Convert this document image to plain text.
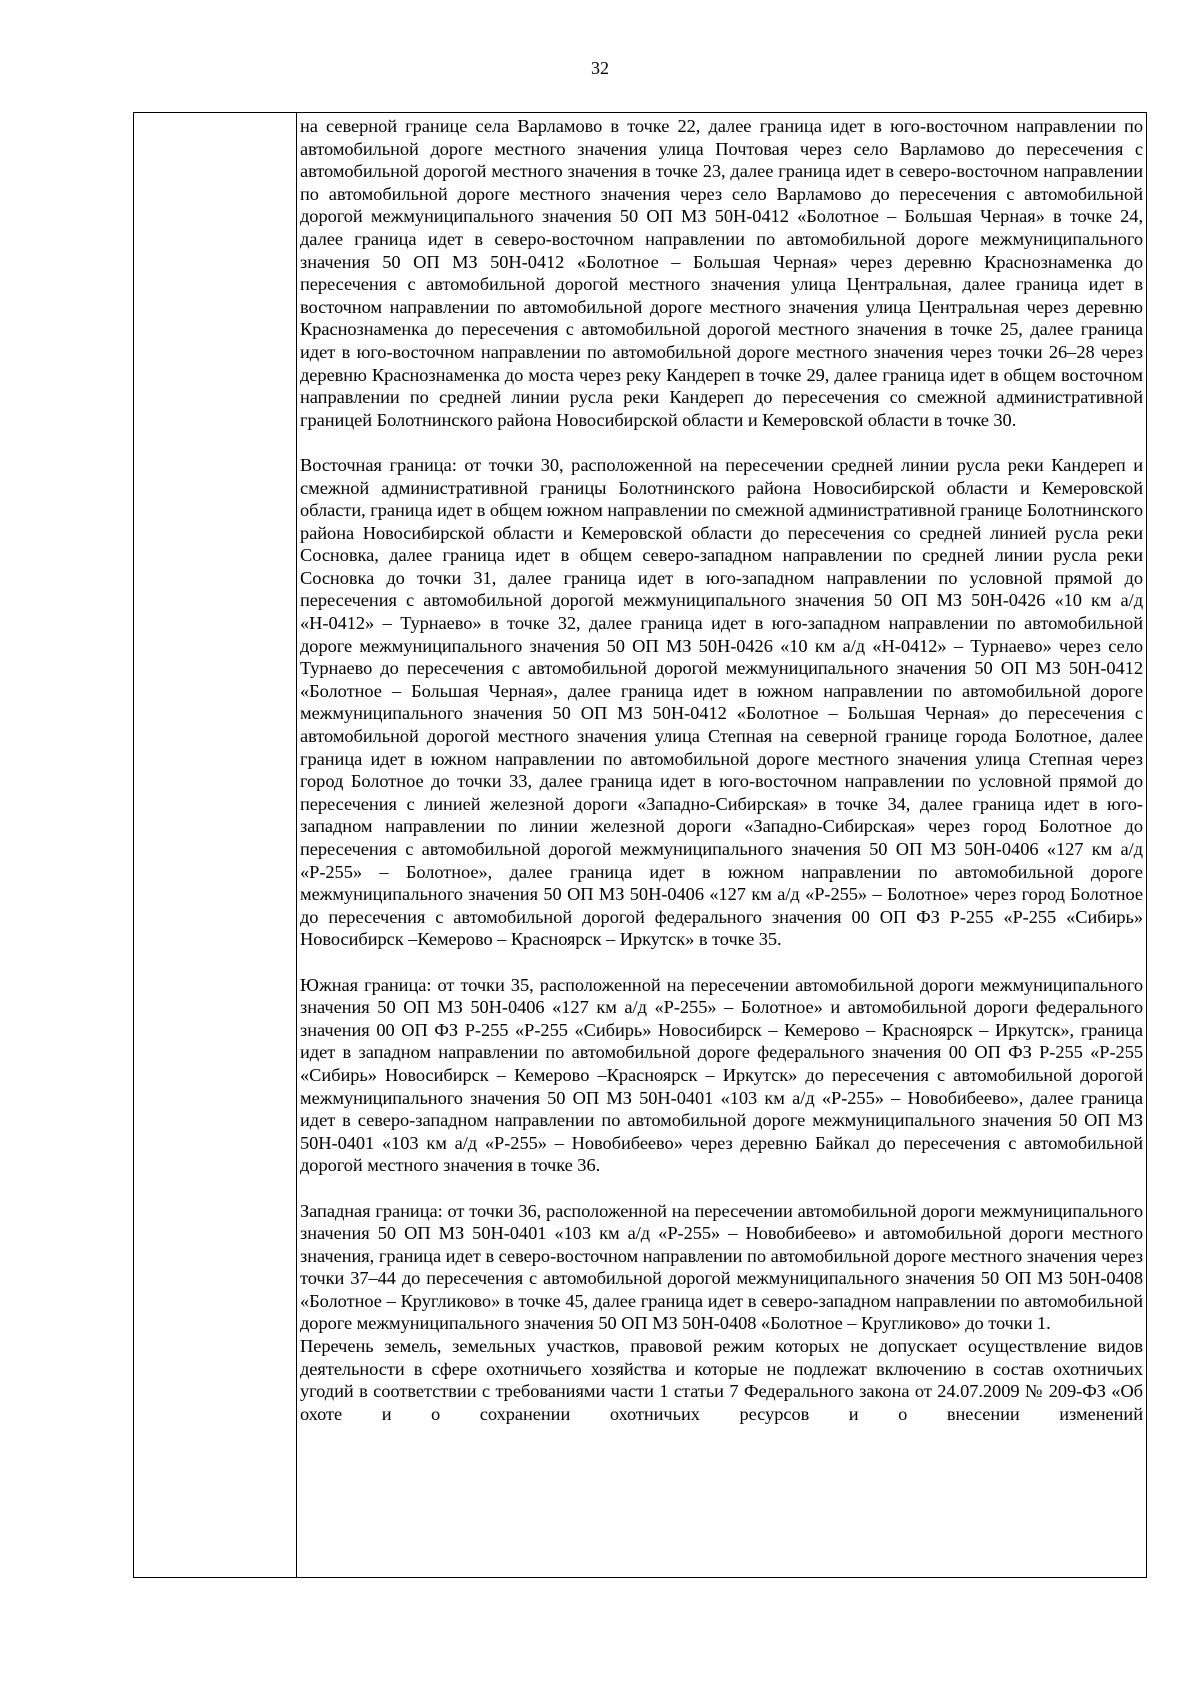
32

на северной границе села Варламово в точке 22, далее граница идет в юго-восточном направлении по автомобильной дороге местного значения улица Почтовая через село Варламово до пересечения с автомобильной дорогой местного значения в точке 23, далее граница идет в северо-восточном направлении по автомобильной дороге местного значения через село Варламово до пересечения с автомобильной дорогой межмуниципального значения 50 ОП МЗ 50Н-0412 «Болотное – Большая Черная» в точке 24, далее граница идет в северо-восточном направлении по автомобильной дороге межмуниципального значения 50 ОП МЗ 50Н-0412 «Болотное – Большая Черная» через деревню Краснознаменка до пересечения с автомобильной дорогой местного значения улица Центральная, далее граница идет в восточном направлении по автомобильной дороге местного значения улица Центральная через деревню Краснознаменка до пересечения с автомобильной дорогой местного значения в точке 25, далее граница идет в юго-восточном направлении по автомобильной дороге местного значения через точки 26–28 через деревню Краснознаменка до моста через реку Кандереп в точке 29, далее граница идет в общем восточном направлении по средней линии русла реки Кандереп до пересечения со смежной административной границей Болотнинского района Новосибирской области и Кемеровской области в точке 30.

Восточная граница: от точки 30, расположенной на пересечении средней линии русла реки Кандереп и смежной административной границы Болотнинского района Новосибирской области и Кемеровской области, граница идет в общем южном направлении по смежной административной границе Болотнинского района Новосибирской области и Кемеровской области до пересечения со средней линией русла реки Сосновка, далее граница идет в общем северо-западном направлении по средней линии русла реки Сосновка до точки 31, далее граница идет в юго-западном направлении по условной прямой до пересечения с автомобильной дорогой межмуниципального значения 50 ОП МЗ 50Н-0426 «10 км а/д «Н-0412» – Турнаево» в точке 32, далее граница идет в юго-западном направлении по автомобильной дороге межмуниципального значения 50 ОП МЗ 50Н-0426 «10 км а/д «Н-0412» – Турнаево» через село Турнаево до пересечения с автомобильной дорогой межмуниципального значения 50 ОП МЗ 50Н-0412 «Болотное – Большая Черная», далее граница идет в южном направлении по автомобильной дороге межмуниципального значения 50 ОП МЗ 50Н-0412 «Болотное – Большая Черная» до пересечения с автомобильной дорогой местного значения улица Степная на северной границе города Болотное, далее граница идет в южном направлении по автомобильной дороге местного значения улица Степная через город Болотное до точки 33, далее граница идет в юго-восточном направлении по условной прямой до пересечения с линией железной дороги «Западно-Сибирская» в точке 34, далее граница идет в юго-западном направлении по линии железной дороги «Западно-Сибирская» через город Болотное до пересечения с автомобильной дорогой межмуниципального значения 50 ОП МЗ 50Н-0406 «127 км а/д «Р-255» – Болотное», далее граница идет в южном направлении по автомобильной дороге межмуниципального значения 50 ОП МЗ 50Н-0406 «127 км а/д «Р-255» – Болотное» через город Болотное до пересечения с автомобильной дорогой федерального значения 00 ОП ФЗ Р-255 «Р-255 «Сибирь» Новосибирск –Кемерово – Красноярск – Иркутск» в точке 35.

Южная граница: от точки 35, расположенной на пересечении автомобильной дороги межмуниципального значения 50 ОП МЗ 50Н-0406 «127 км а/д «Р-255» – Болотное» и автомобильной дороги федерального значения 00 ОП ФЗ Р-255 «Р-255 «Сибирь» Новосибирск – Кемерово – Красноярск – Иркутск», граница идет в западном направлении по автомобильной дороге федерального значения 00 ОП ФЗ Р-255 «Р-255 «Сибирь» Новосибирск – Кемерово –Красноярск – Иркутск» до пересечения с автомобильной дорогой межмуниципального значения 50 ОП МЗ 50Н-0401 «103 км а/д «Р-255» – Новобибеево», далее граница идет в северо-западном направлении по автомобильной дороге межмуниципального значения 50 ОП МЗ 50Н-0401 «103 км а/д «Р-255» – Новобибеево» через деревню Байкал до пересечения с автомобильной дорогой местного значения в точке 36.

Западная граница: от точки 36, расположенной на пересечении автомобильной дороги межмуниципального значения 50 ОП МЗ 50Н-0401 «103 км а/д «Р-255» – Новобибеево» и автомобильной дороги местного значения, граница идет в северо-восточном направлении по автомобильной дороге местного значения через точки 37–44 до пересечения с автомобильной дорогой межмуниципального значения 50 ОП МЗ 50Н-0408 «Болотное – Кругликово» в точке 45, далее граница идет в северо-западном направлении по автомобильной дороге межмуниципального значения 50 ОП МЗ 50Н-0408 «Болотное – Кругликово» до точки 1.

Перечень земель, земельных участков, правовой режим которых не допускает осуществление видов деятельности в сфере охотничьего хозяйства и которые не подлежат включению в состав охотничьих угодий в соответствии с требованиями части 1 статьи 7 Федерального закона от 24.07.2009 № 209-ФЗ «Об охоте и о сохранении охотничьих ресурсов и о внесении изменений
